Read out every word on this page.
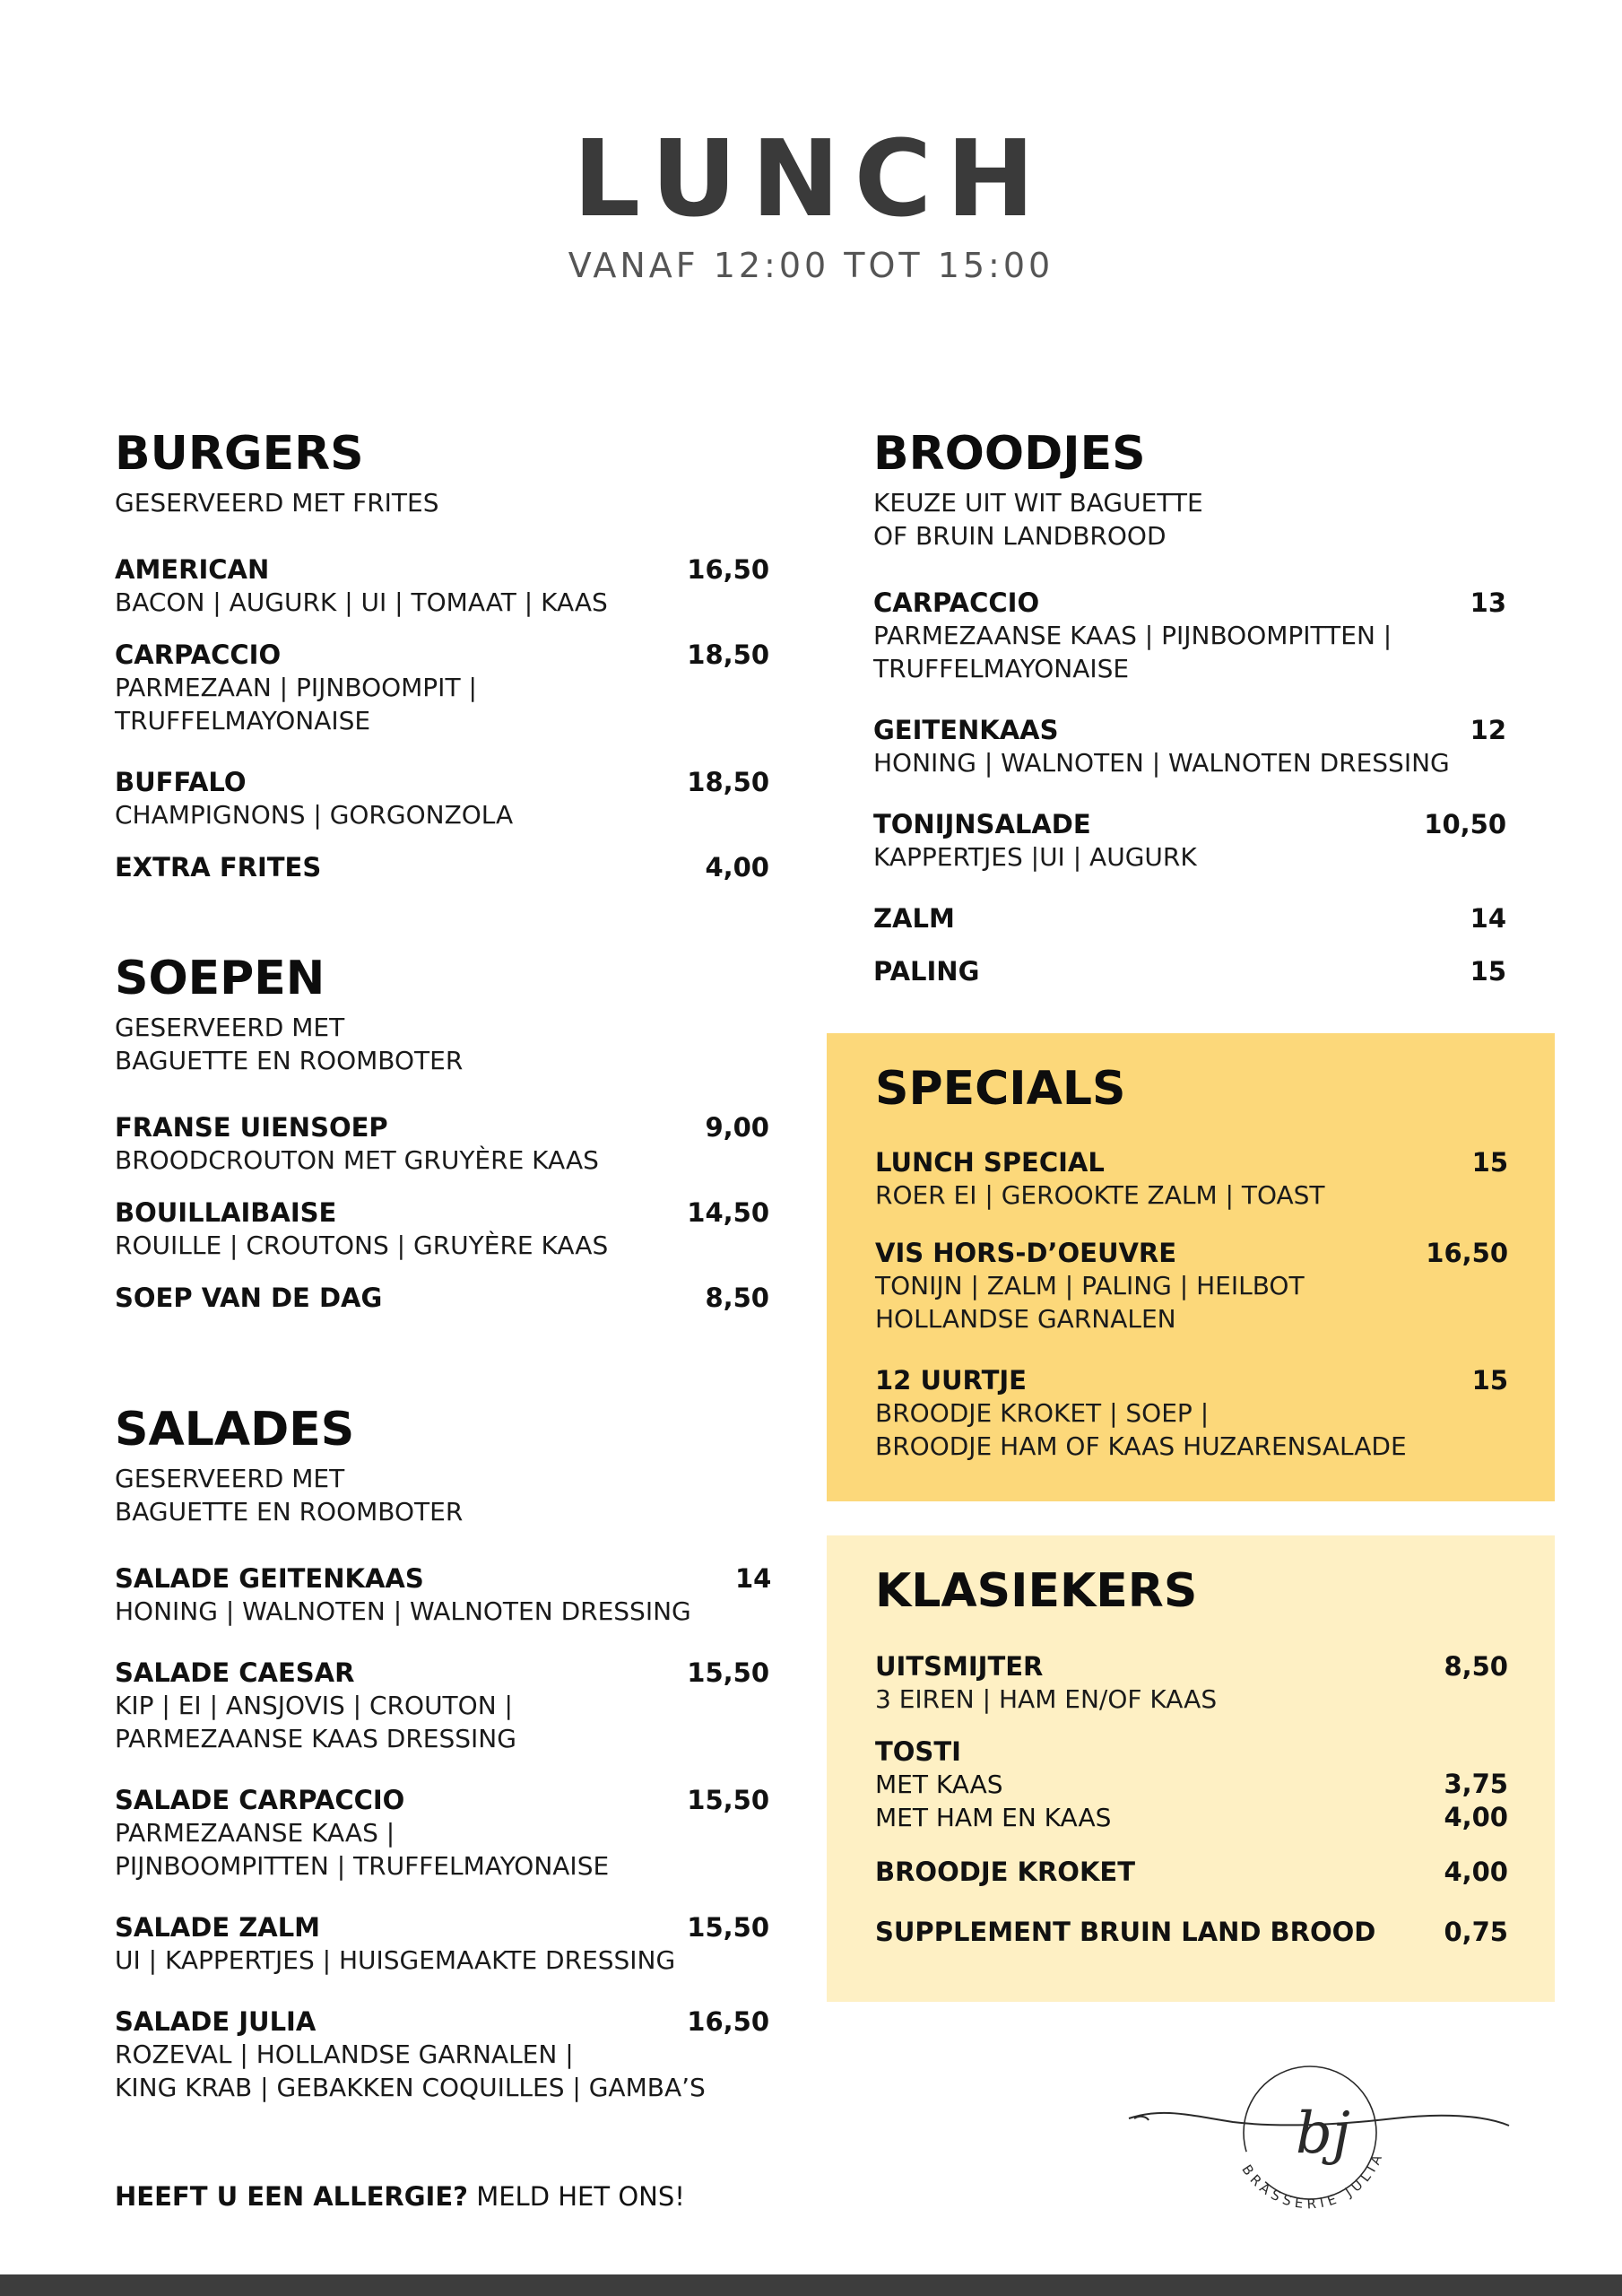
LUNCH
VANAF 12:00 TOT 15:00
BURGERS
GESERVEERD MET FRITES
AMERICAN	16,50
BACON | AUGURK | UI | TOMAAT | KAAS
CARPACCIO	18,50
PARMEZAAN | PIJNBOOMPIT |
TRUFFELMAYONAISE
BUFFALO	18,50
CHAMPIGNONS | GORGONZOLA
EXTRA FRITES	4,00
SOEPEN
GESERVEERD MET
BAGUETTE EN ROOMBOTER
FRANSE UIENSOEP	9,00
BROODCROUTON MET GRUYÈRE KAAS
BOUILLAIBAISE	14,50
ROUILLE | CROUTONS | GRUYÈRE KAAS
SOEP VAN DE DAG	8,50
SALADES
GESERVEERD MET
BAGUETTE EN ROOMBOTER
SALADE GEITENKAAS	14
HONING | WALNOTEN | WALNOTEN DRESSING
SALADE CAESAR	15,50
KIP | EI | ANSJOVIS | CROUTON |
PARMEZAANSE KAAS DRESSING
SALADE CARPACCIO	15,50
PARMEZAANSE KAAS |
PIJNBOOMPITTEN | TRUFFELMAYONAISE
SALADE ZALM	15,50
UI | KAPPERTJES | HUISGEMAAKTE DRESSING
SALADE JULIA	16,50
ROZEVAL | HOLLANDSE GARNALEN |
KING KRAB | GEBAKKEN COQUILLES | GAMBA’S
BROODJES
KEUZE UIT WIT BAGUETTE
OF BRUIN LANDBROOD
CARPACCIO	13
PARMEZAANSE KAAS | PIJNBOOMPITTEN |
TRUFFELMAYONAISE
GEITENKAAS	12
HONING | WALNOTEN | WALNOTEN DRESSING
TONIJNSALADE	10,50
KAPPERTJES |UI | AUGURK
ZALM	14
PALING	15
SPECIALS
LUNCH SPECIAL	15
ROER EI | GEROOKTE ZALM | TOAST
VIS HORS-D’OEUVRE	16,50
TONIJN | ZALM | PALING | HEILBOT
HOLLANDSE GARNALEN
12 UURTJE	15
BROODJE KROKET | SOEP |
BROODJE HAM OF KAAS HUZARENSALADE
KLASIEKERS
UITSMIJTER	8,50
3 EIREN | HAM EN/OF KAAS
TOSTI
MET KAAS	3,75
MET HAM EN KAAS	4,00
BROODJE KROKET	4,00
SUPPLEMENT BRUIN LAND BROOD	0,75
HEEFT U EEN ALLERGIE? MELD HET ONS!
bj
BRASSERIE JULIA
